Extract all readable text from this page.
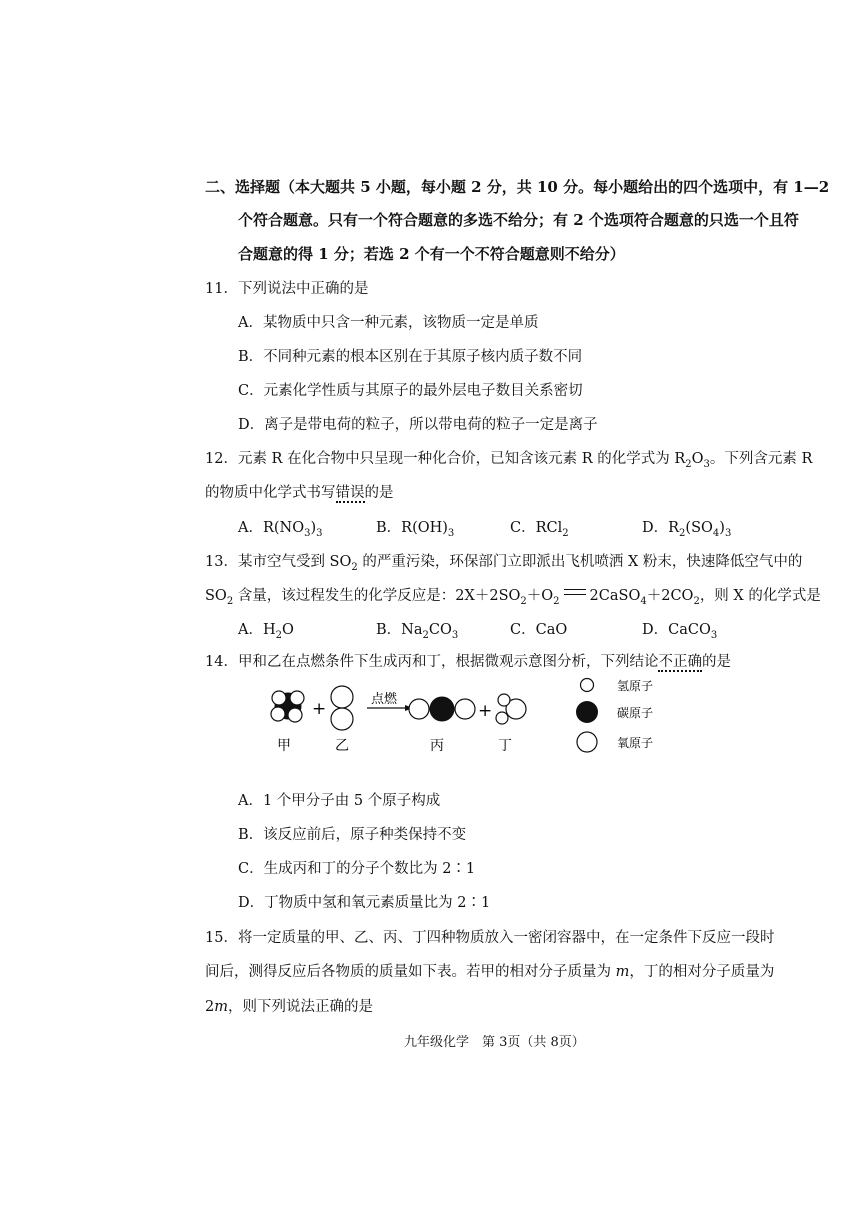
二、选择题（本大题共 5 小题，每小题 2 分，共 10 分。每小题给出的四个选项中，有 1—2
个符合题意。只有一个符合题意的多选不给分；有 2 个选项符合题意的只选一个且符
合题意的得 1 分；若选 2 个有一个不符合题意则不给分）
11．下列说法中正确的是
A．某物质中只含一种元素，该物质一定是单质
B．不同种元素的根本区别在于其原子核内质子数不同
C．元素化学性质与其原子的最外层电子数目关系密切
D．离子是带电荷的粒子，所以带电荷的粒子一定是离子
12．元素 R 在化合物中只呈现一种化合价，已知含该元素 R 的化学式为 $R_2O_3$。下列含元素 R
的物质中化学式书写错误的是
A．$R(NO_3)_3$	B．$R(OH)_3$	C．RCl$_2$	D．$R_2(SO_4)_3$
13．某市空气受到 $SO_2$ 的严重污染，环保部门立即派出飞机喷洒 X 粉末，快速降低空气中的
$SO_2$ 含量，该过程发生的化学反应是：$2X+2SO_2+O_2$ $2CaSO_4+2CO_2$，则 X 的化学式是
A．$H_2O$	B．$Na_2CO_3$	C．CaO	D．CaCO$_3$
14．甲和乙在点燃条件下生成丙和丁，根据微观示意图分析，下列结论不正确的是
+	点燃
+
甲	乙	丙	丁
氢原子
碳原子
氧原子
A．1 个甲分子由 5 个原子构成
B．该反应前后，原子种类保持不变
C．生成丙和丁的分子个数比为 2∶1
D．丁物质中氢和氧元素质量比为 2∶1
15．将一定质量的甲、乙、丙、丁四种物质放入一密闭容器中，在一定条件下反应一段时
间后，测得反应后各物质的质量如下表。若甲的相对分子质量为 m，丁的相对分子质量为
2m，则下列说法正确的是
九年级化学　第 3页（共 8页）
